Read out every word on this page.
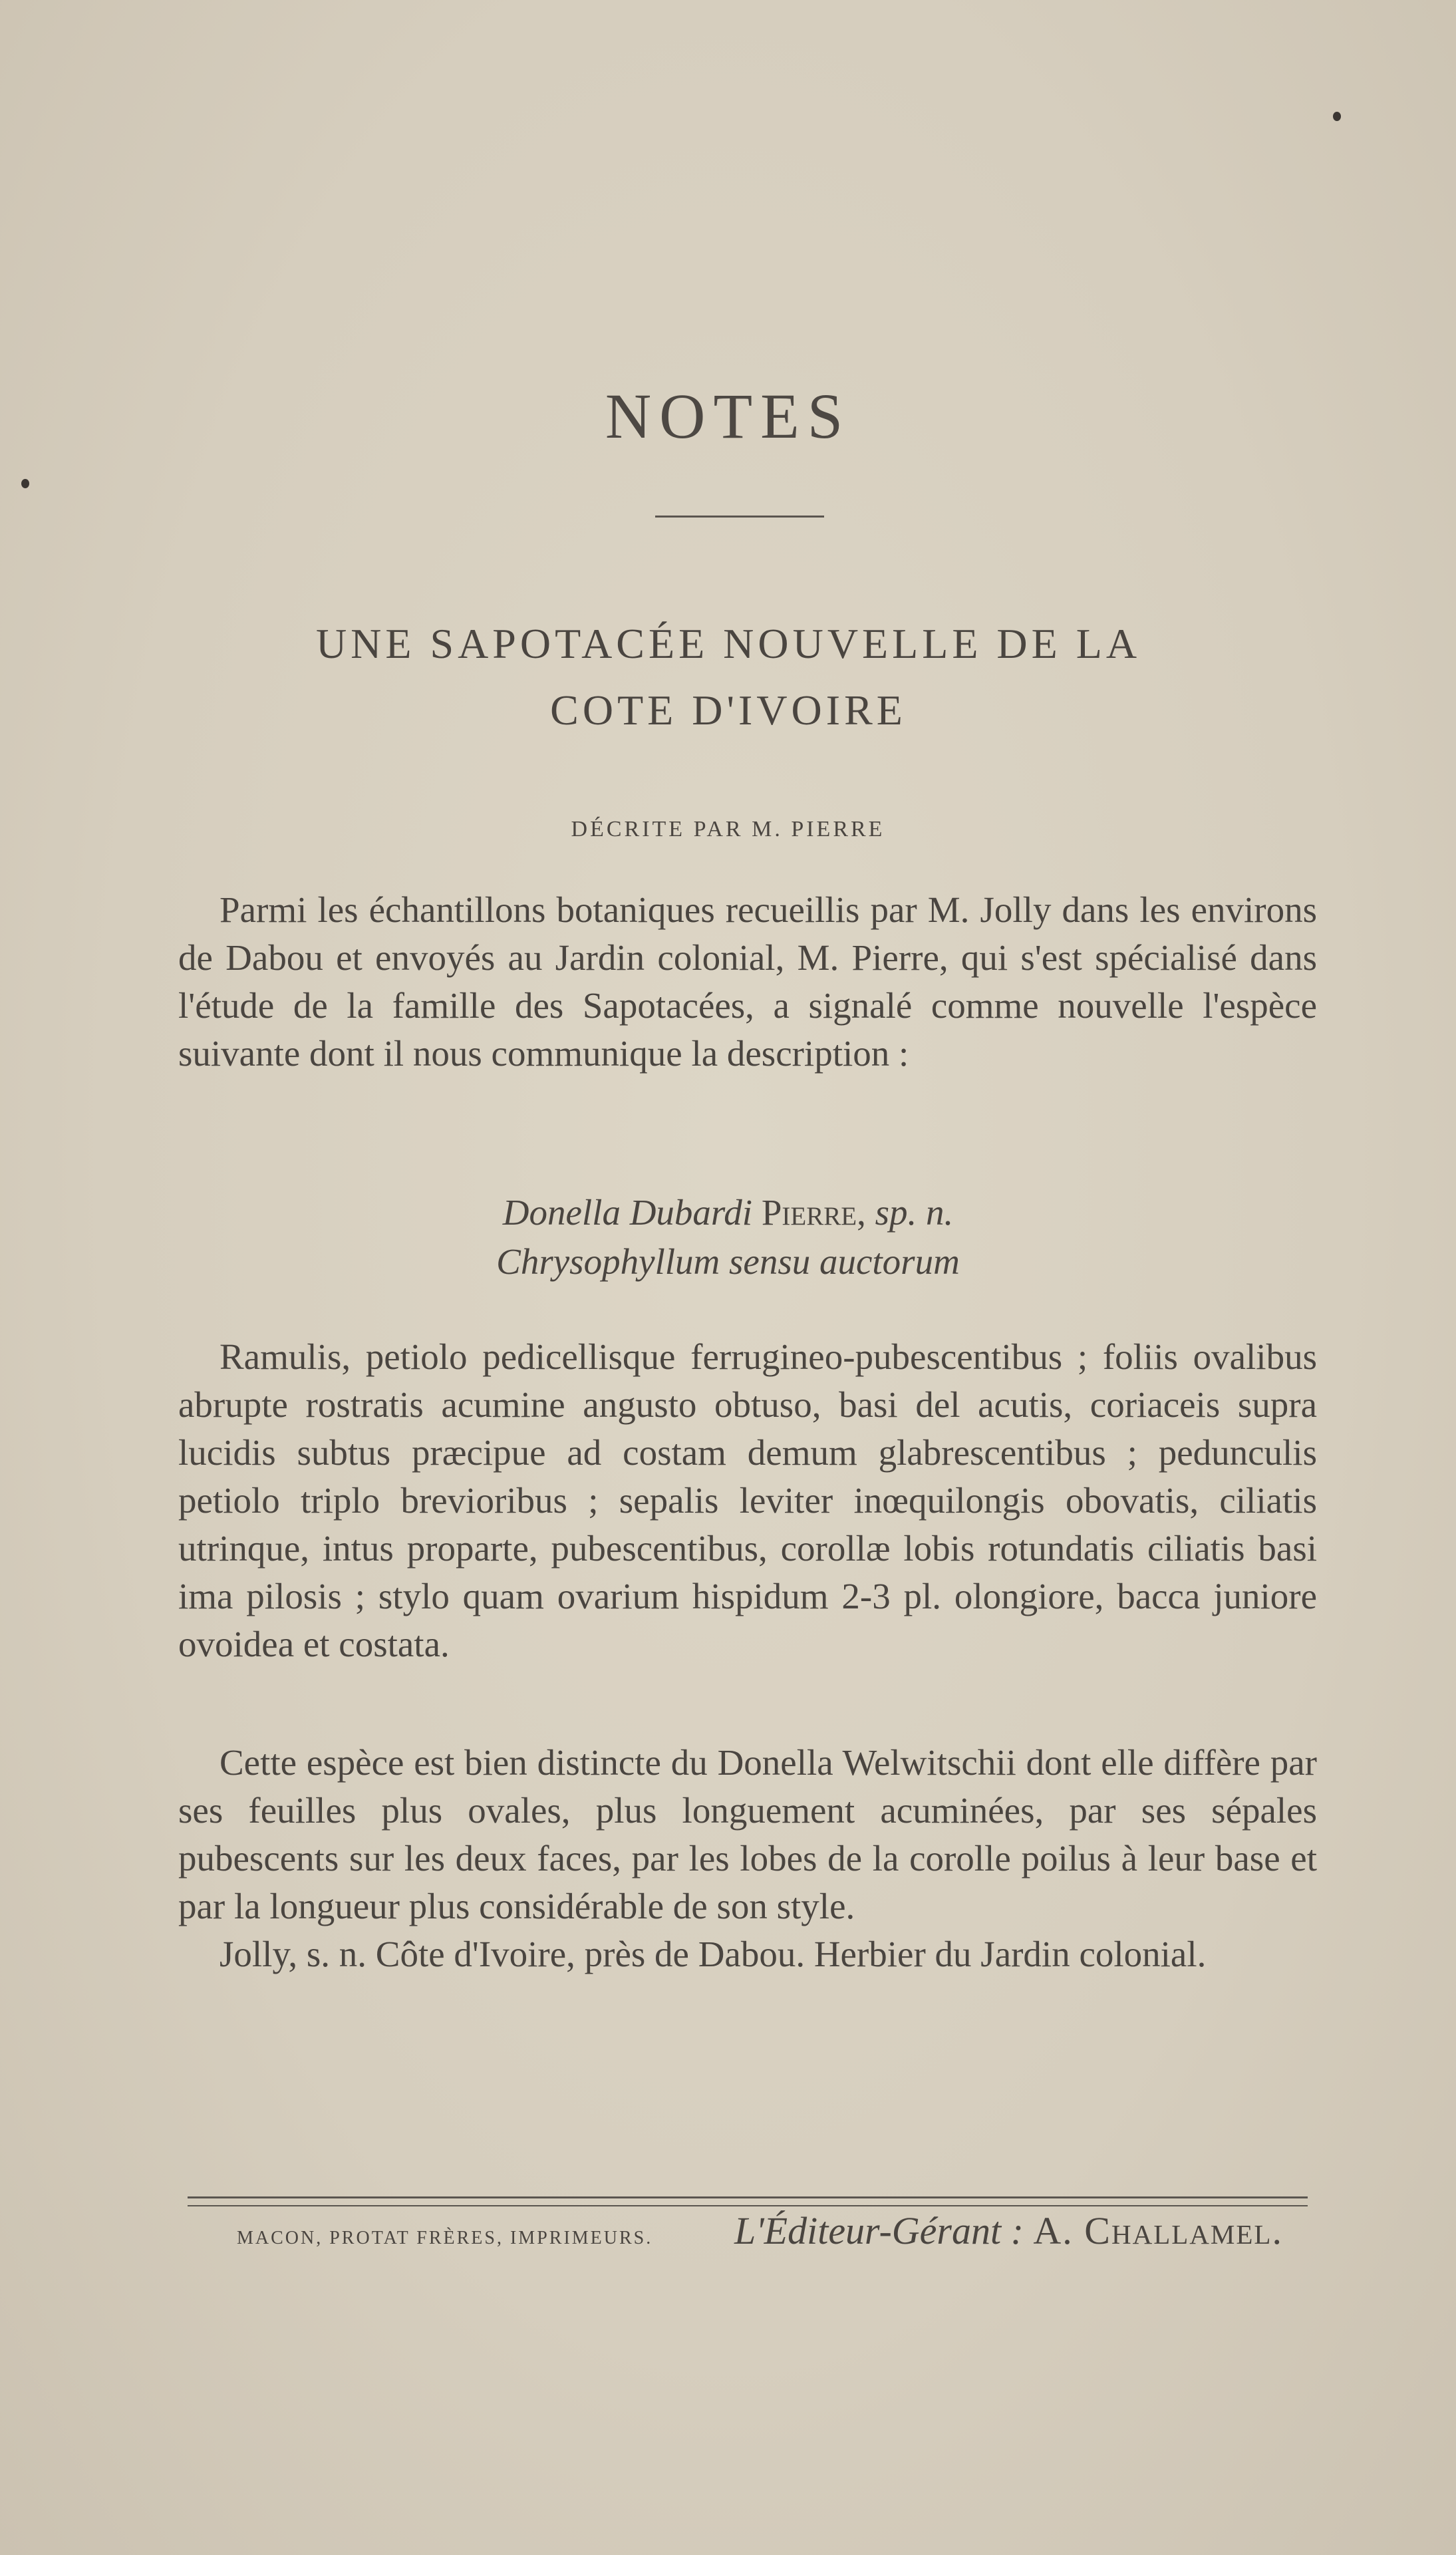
NOTES
UNE SAPOTACÉE NOUVELLE DE LA
COTE D'IVOIRE
DÉCRITE PAR M. PIERRE

Parmi les échantillons botaniques recueillis par M. Jolly dans les environs de Dabou et envoyés au Jardin colonial, M. Pierre, qui s'est spécialisé dans l'étude de la famille des Sapotacées, a signalé comme nouvelle l'espèce suivante dont il nous communique la description :

Donella Dubardi Pierre, sp. n.
Chrysophyllum sensu auctorum

Ramulis, petiolo pedicellisque ferrugineo-pubescentibus ; foliis ovalibus abrupte rostratis acumine angusto obtuso, basi del acutis, coriaceis supra lucidis subtus præcipue ad costam demum glabrescentibus ; pedunculis petiolo triplo brevioribus ; sepalis leviter inœquilongis obovatis, ciliatis utrinque, intus proparte, pubescentibus, corollæ lobis rotundatis ciliatis basi ima pilosis ; stylo quam ovarium hispidum 2-3 pl. olongiore, bacca juniore ovoidea et costata.

Cette espèce est bien distincte du Donella Welwitschii dont elle diffère par ses feuilles plus ovales, plus longuement acuminées, par ses sépales pubescents sur les deux faces, par les lobes de la corolle poilus à leur base et par la longueur plus considérable de son style.

Jolly, s. n. Côte d'Ivoire, près de Dabou. Herbier du Jardin colonial.

MACON, PROTAT FRÈRES, IMPRIMEURS. L'Éditeur-Gérant : A. Challamel.
